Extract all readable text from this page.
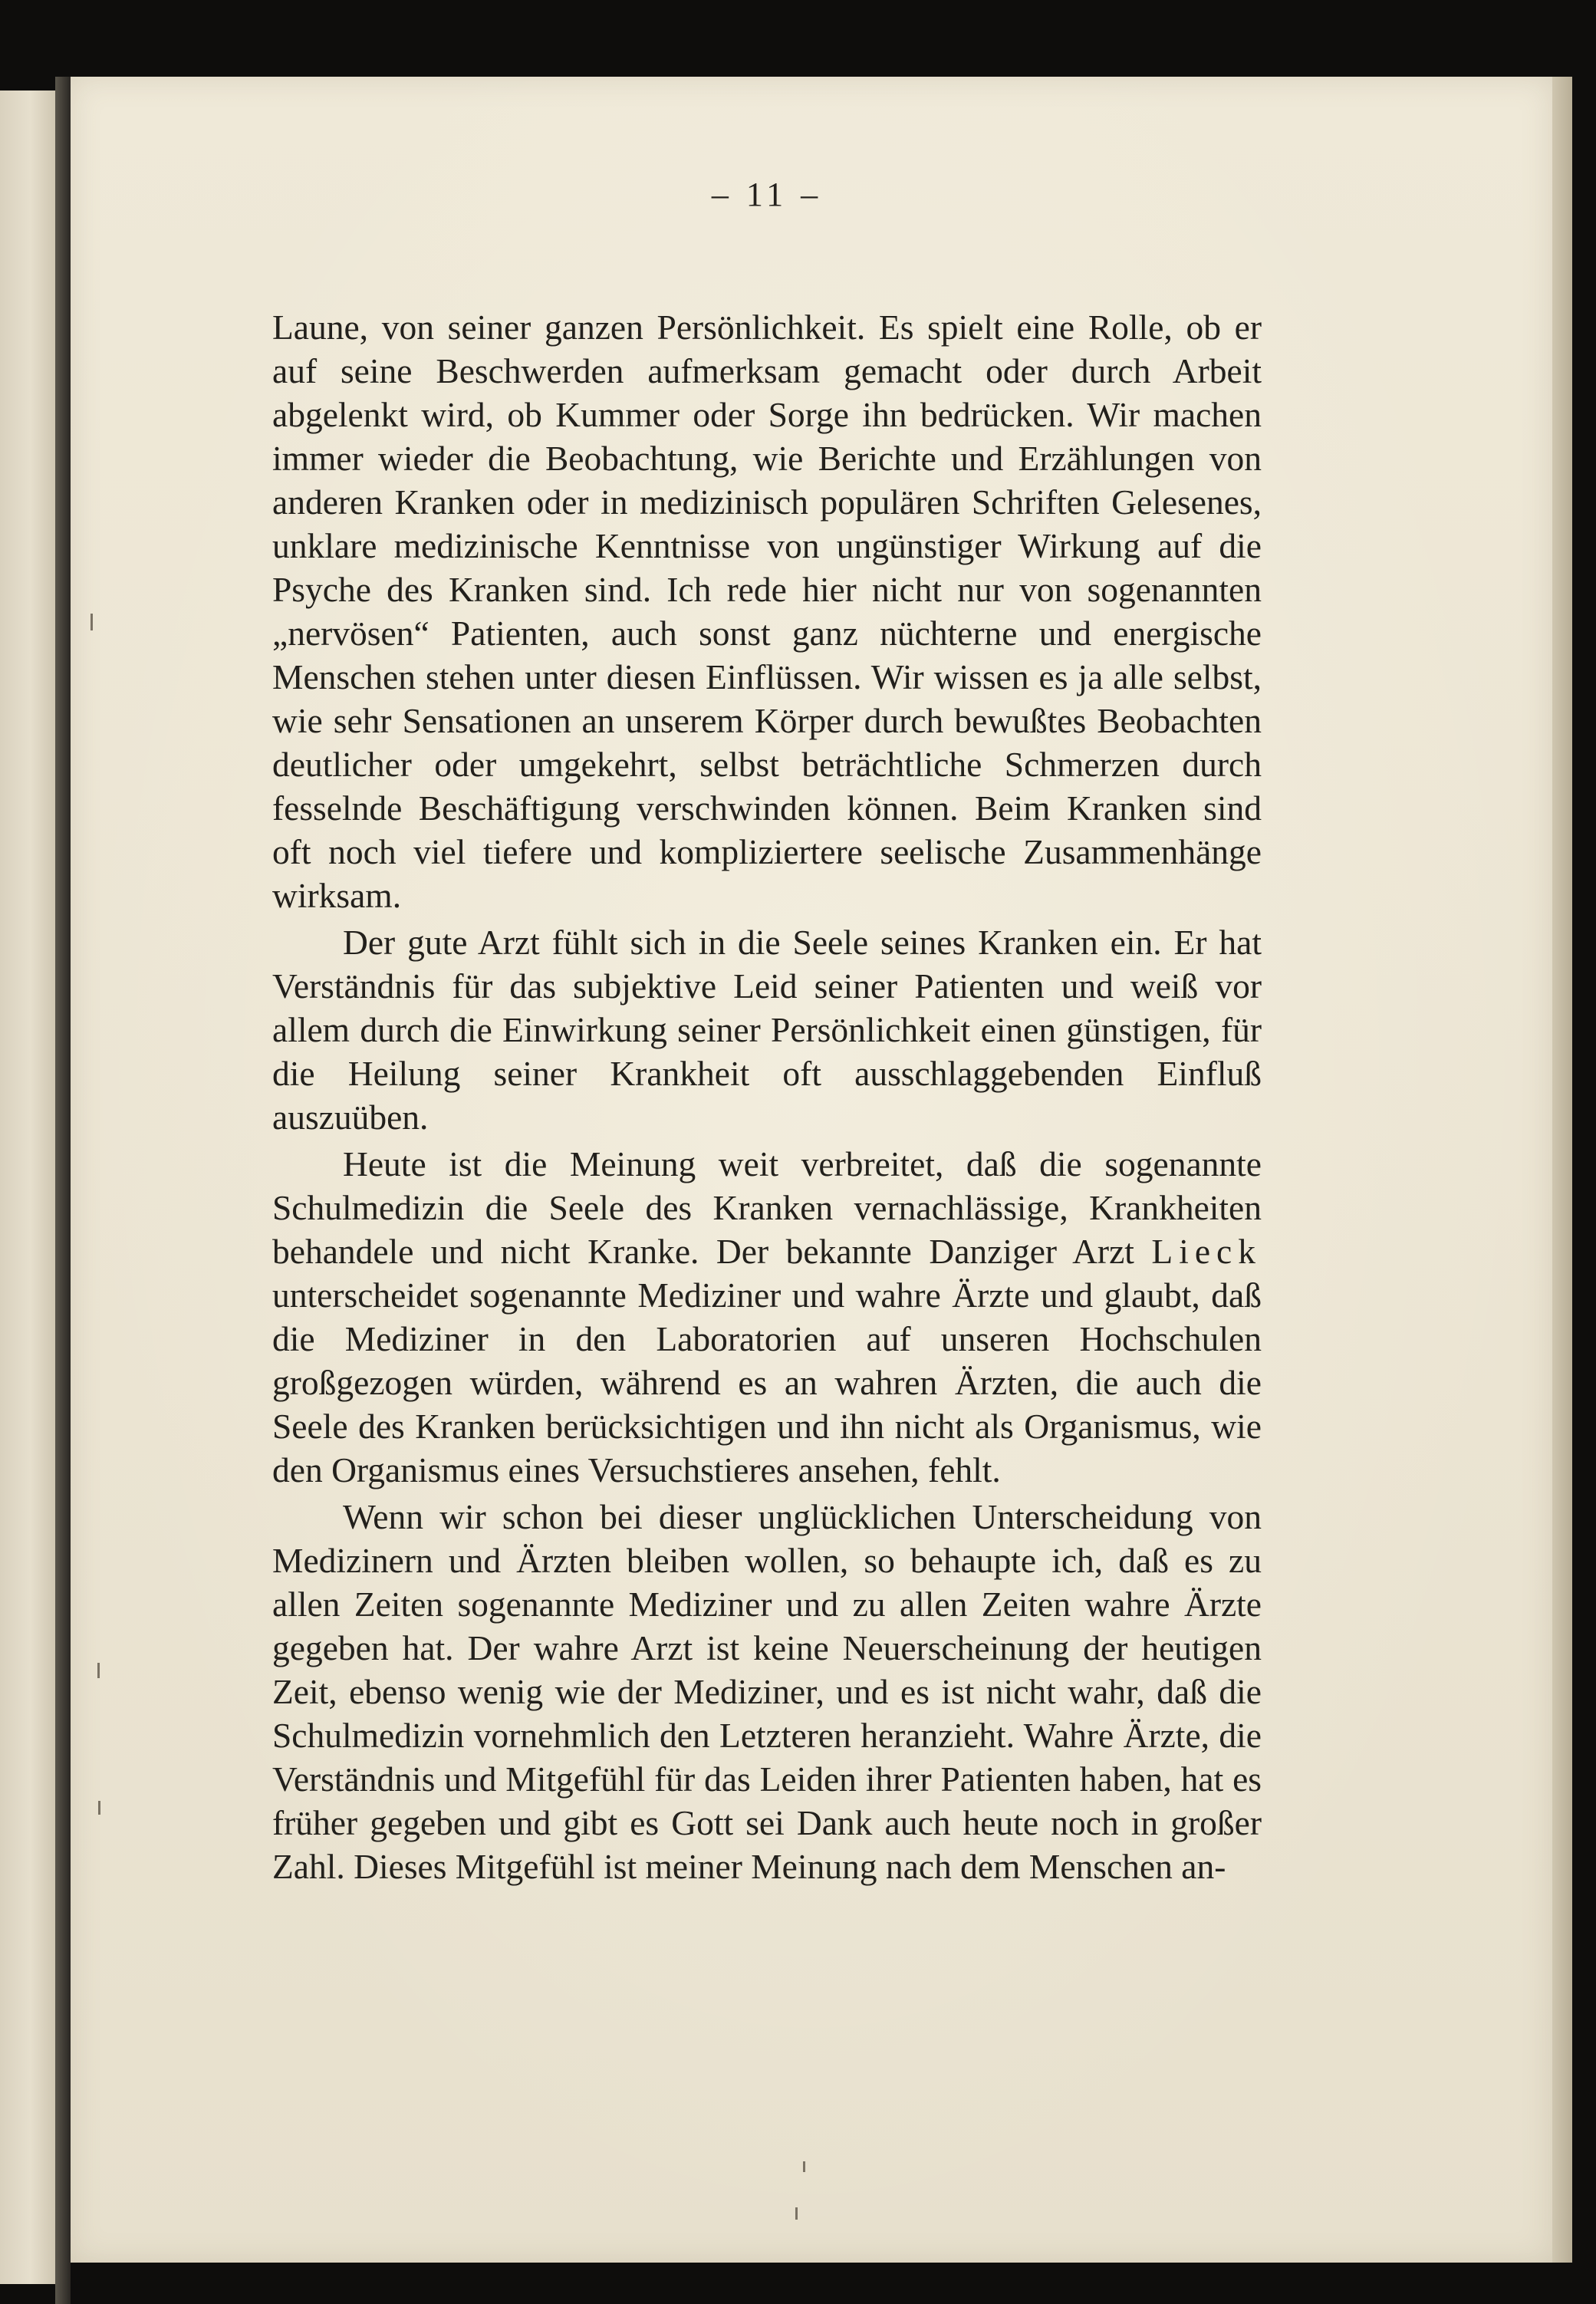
– 11 –

Laune, von seiner ganzen Persönlichkeit. Es spielt eine Rolle, ob er auf seine Beschwerden aufmerksam gemacht oder durch Arbeit abgelenkt wird, ob Kummer oder Sorge ihn bedrücken. Wir machen immer wieder die Beobachtung, wie Berichte und Erzählungen von anderen Kranken oder in medizinisch populären Schriften Gelesenes, unklare medizinische Kenntnisse von ungünstiger Wirkung auf die Psyche des Kranken sind. Ich rede hier nicht nur von sogenannten „nervösen“ Patienten, auch sonst ganz nüchterne und energische Menschen stehen unter diesen Einflüssen. Wir wissen es ja alle selbst, wie sehr Sensationen an unserem Körper durch bewußtes Beobachten deutlicher oder umgekehrt, selbst beträchtliche Schmerzen durch fesselnde Beschäftigung verschwinden können. Beim Kranken sind oft noch viel tiefere und kompliziertere seelische Zusammenhänge wirksam.

Der gute Arzt fühlt sich in die Seele seines Kranken ein. Er hat Verständnis für das subjektive Leid seiner Patienten und weiß vor allem durch die Einwirkung seiner Persönlichkeit einen günstigen, für die Heilung seiner Krankheit oft ausschlaggebenden Einfluß auszuüben.

Heute ist die Meinung weit verbreitet, daß die sogenannte Schulmedizin die Seele des Kranken vernachlässige, Krankheiten behandele und nicht Kranke. Der bekannte Danziger Arzt Lieck unterscheidet sogenannte Mediziner und wahre Ärzte und glaubt, daß die Mediziner in den Laboratorien auf unseren Hochschulen großgezogen würden, während es an wahren Ärzten, die auch die Seele des Kranken berücksichtigen und ihn nicht als Organismus, wie den Organismus eines Versuchstieres ansehen, fehlt.

Wenn wir schon bei dieser unglücklichen Unterscheidung von Medizinern und Ärzten bleiben wollen, so behaupte ich, daß es zu allen Zeiten sogenannte Mediziner und zu allen Zeiten wahre Ärzte gegeben hat. Der wahre Arzt ist keine Neuerscheinung der heutigen Zeit, ebenso wenig wie der Mediziner, und es ist nicht wahr, daß die Schulmedizin vornehmlich den Letzteren heranzieht. Wahre Ärzte, die Verständnis und Mitgefühl für das Leiden ihrer Patienten haben, hat es früher gegeben und gibt es Gott sei Dank auch heute noch in großer Zahl. Dieses Mitgefühl ist meiner Meinung nach dem Menschen an-
